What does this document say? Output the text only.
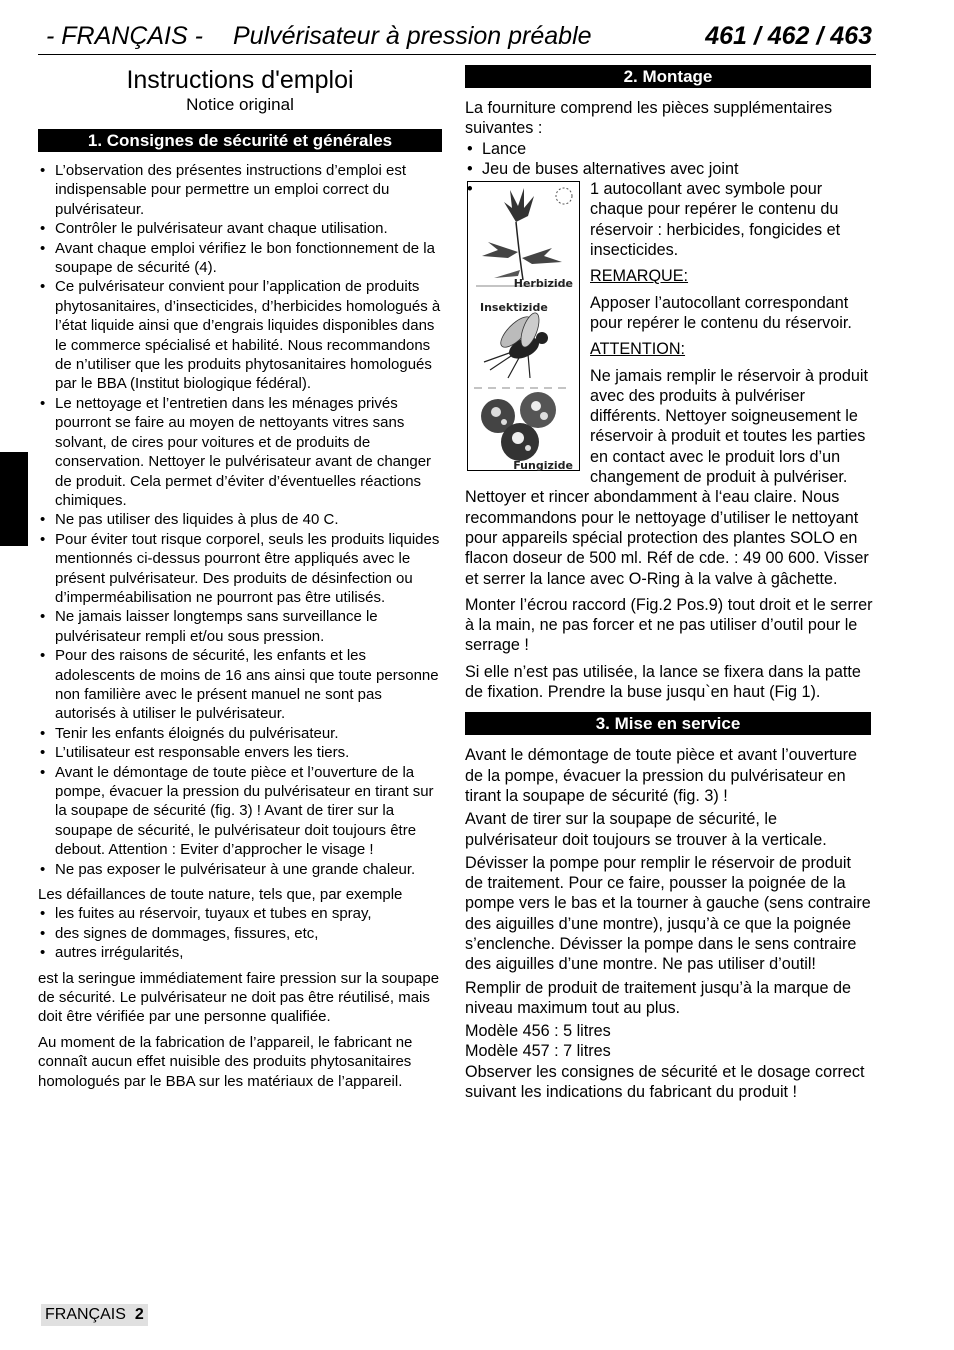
- FRANÇAIS - Pulvérisateur à pression préable	461 / 462 / 463
Instructions d'emploi
Notice original
1. Consignes de sécurité et générales
• L’observation des présentes instructions d’emploi est indispensable pour permettre un emploi correct du pulvérisateur.
• Contrôler le pulvérisateur avant chaque utilisation.
• Avant chaque emploi vérifiez le bon fonctionnement de la soupape de sécurité (4).
• Ce pulvérisateur convient pour l’application de produits phytosanitaires, d’insecticides, d’herbicides homologués à l’état liquide ainsi que d’engrais liquides disponibles dans le commerce spécialisé et habilité. Nous recommandons de n’utiliser que les produits phytosanitaires homologués par le BBA (Institut biologique fédéral).
• Le nettoyage et l’entretien dans les ménages privés pourront se faire au moyen de nettoyants vitres sans solvant, de cires pour voitures et de produits de conservation. Nettoyer le pulvérisateur avant de changer de produit. Cela permet d’éviter d’éventuelles réactions chimiques.
• Ne pas utiliser des liquides à plus de 40 C.
• Pour éviter tout risque corporel, seuls les produits liquides mentionnés ci-dessus pourront être appliqués avec le présent pulvérisateur. Des produits de désinfection ou d’imperméabilisation ne pourront pas être utilisés.
• Ne jamais laisser longtemps sans surveillance le pulvérisateur rempli et/ou sous pression.
• Pour des raisons de sécurité, les enfants et les adolescents de moins de 16 ans ainsi que toute personne non familière avec le présent manuel ne sont pas autorisés à utiliser le pulvérisateur.
• Tenir les enfants éloignés du pulvérisateur.
• L’utilisateur est responsable envers les tiers.
• Avant le démontage de toute pièce et l’ouverture de la pompe, évacuer la pression du pulvérisateur en tirant sur la soupape de sécurité (fig. 3) ! Avant de tirer sur la soupape de sécurité, le pulvérisateur doit toujours être debout. Attention : Eviter d’approcher le visage !
• Ne pas exposer le pulvérisateur à une grande chaleur.

Les défaillances de toute nature, tels que, par exemple

• les fuites au réservoir, tuyaux et tubes en spray,
• des signes de dommages, fissures, etc,
• autres irrégularités,

est la seringue immédiatement faire pression sur la soupape de sécurité. Le pulvérisateur ne doit pas être réutilisé, mais doit être vérifiée par une personne qualifiée.

Au moment de la fabrication de l’appareil, le fabricant ne connaît aucun effet nuisible des produits phytosanitaires homologués par le BBA sur les matériaux de l’appareil.

2. Montage

La fourniture comprend les pièces supplémentaires suivantes :

• Lance
• Jeu de buses alternatives avec joint
Herbizide
Insektizide
Fungizide
• 1 autocollant avec symbole pour chaque pour repérer le contenu du réservoir : herbicides, fongicides et insecticides.

REMARQUE:

Apposer l’autocollant correspondant pour repérer le contenu du réservoir.

ATTENTION:

Ne jamais remplir le réservoir à produit avec des produits à pulvériser différents. Nettoyer soigneusement le réservoir à produit et toutes les parties en contact avec le produit lors d’un changement de produit à pulvériser. Nettoyer et rincer abondamment à l‘eau claire. Nous recommandons pour le nettoyage d’utiliser le nettoyant pour appareils spécial protection des plantes SOLO en flacon doseur de 500 ml. Réf de cde. : 49 00 600. Visser et serrer la lance avec O-Ring à la valve à gâchette.

Monter l’écrou raccord (Fig.2 Pos.9) tout droit et le serrer à la main, ne pas forcer et ne pas utiliser d’outil pour le serrage !

Si elle n’est pas utilisée, la lance se fixera dans la patte de fixation. Prendre la buse jusqu`en haut (Fig 1).

3. Mise en service

Avant le démontage de toute pièce et avant l’ouverture de la pompe, évacuer la pression du pulvérisateur en tirant la soupape de sécurité (fig. 3) !

Avant de tirer sur la soupape de sécurité, le pulvérisateur doit toujours se trouver à la verticale.

Dévisser la pompe pour remplir le réservoir de produit de traitement. Pour ce faire, pousser la poignée de la pompe vers le bas et la tourner à gauche (sens contraire des aiguilles d’une montre), jusqu’à ce que la poignée s’enclenche. Dévisser la pompe dans le sens contraire des aiguilles d’une montre. Ne pas utiliser d’outil!

Remplir de produit de traitement jusqu’à la marque de niveau maximum tout au plus.

Modèle 456 : 5 litres

Modèle 457 : 7 litres

Observer les consignes de sécurité et le dosage correct suivant les indications du fabricant du produit !

FRANÇAIS 2
